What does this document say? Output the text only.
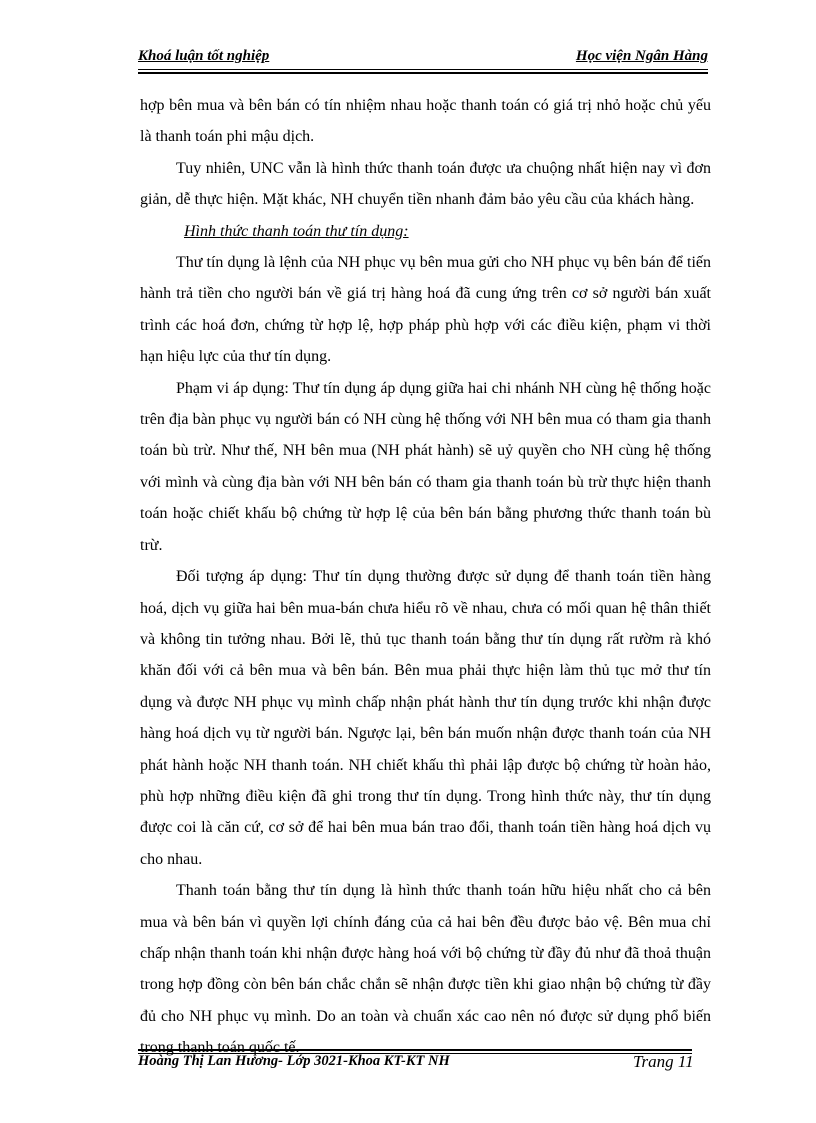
Khoá luận tốt nghiệp	Học viện Ngân Hàng

hợp bên mua và bên bán có tín nhiệm nhau hoặc thanh toán có giá trị nhỏ hoặc chủ yếu là thanh toán phi mậu dịch.

Tuy nhiên, UNC vẫn là hình thức thanh toán được ưa chuộng nhất hiện nay vì đơn giản, dễ thực hiện. Mặt khác, NH chuyển tiền nhanh đảm bảo yêu cầu của khách hàng.

Hình thức thanh toán thư tín dụng:

Thư tín dụng là lệnh của NH phục vụ bên mua gửi cho NH phục vụ bên bán để tiến hành trả tiền cho người bán về giá trị hàng hoá đã cung ứng trên cơ sở người bán xuất trình các hoá đơn, chứng từ hợp lệ, hợp pháp phù hợp với các điều kiện, phạm vi thời hạn hiệu lực của thư tín dụng.

Phạm vi áp dụng: Thư tín dụng áp dụng giữa hai chi nhánh NH cùng hệ thống hoặc trên địa bàn phục vụ người bán có NH cùng hệ thống với NH bên mua có tham gia thanh toán bù trừ. Như thế, NH bên mua (NH phát hành) sẽ uỷ quyền cho NH cùng hệ thống với mình và cùng địa bàn với NH bên bán có tham gia thanh toán bù trừ thực hiện thanh toán hoặc chiết khấu bộ chứng từ hợp lệ của bên bán bằng phương thức thanh toán bù trừ.

Đối tượng áp dụng: Thư tín dụng thường được sử dụng để thanh toán tiền hàng hoá, dịch vụ giữa hai bên mua-bán chưa hiểu rõ về nhau, chưa có mối quan hệ thân thiết và không tin tưởng nhau. Bởi lẽ, thủ tục thanh toán bằng thư tín dụng rất rườm rà khó khăn đối với cả bên mua và bên bán. Bên mua phải thực hiện làm thủ tục mở thư tín dụng và được NH phục vụ mình chấp nhận phát hành thư tín dụng trước khi nhận được hàng hoá dịch vụ từ người bán. Ngược lại, bên bán muốn nhận được thanh toán của NH phát hành hoặc NH thanh toán. NH chiết khấu thì phải lập được bộ chứng từ hoàn hảo, phù hợp những điều kiện đã ghi trong thư tín dụng. Trong hình thức này, thư tín dụng được coi là căn cứ, cơ sở để hai bên mua bán trao đổi, thanh toán tiền hàng hoá dịch vụ cho nhau.

Thanh toán bằng thư tín dụng là hình thức thanh toán hữu hiệu nhất cho cả bên mua và bên bán vì quyền lợi chính đáng của cả hai bên đều được bảo vệ. Bên mua chỉ chấp nhận thanh toán khi nhận được hàng hoá với bộ chứng từ đầy đủ như đã thoả thuận trong hợp đồng còn bên bán chắc chắn sẽ nhận được tiền khi giao nhận bộ chứng từ đầy đủ cho NH phục vụ mình. Do an toàn và chuẩn xác cao nên nó được sử dụng phổ biến trong thanh toán quốc tế.

Hoàng Thị Lan Hương- Lớp 3021-Khoa KT-KT NH	Trang 11
